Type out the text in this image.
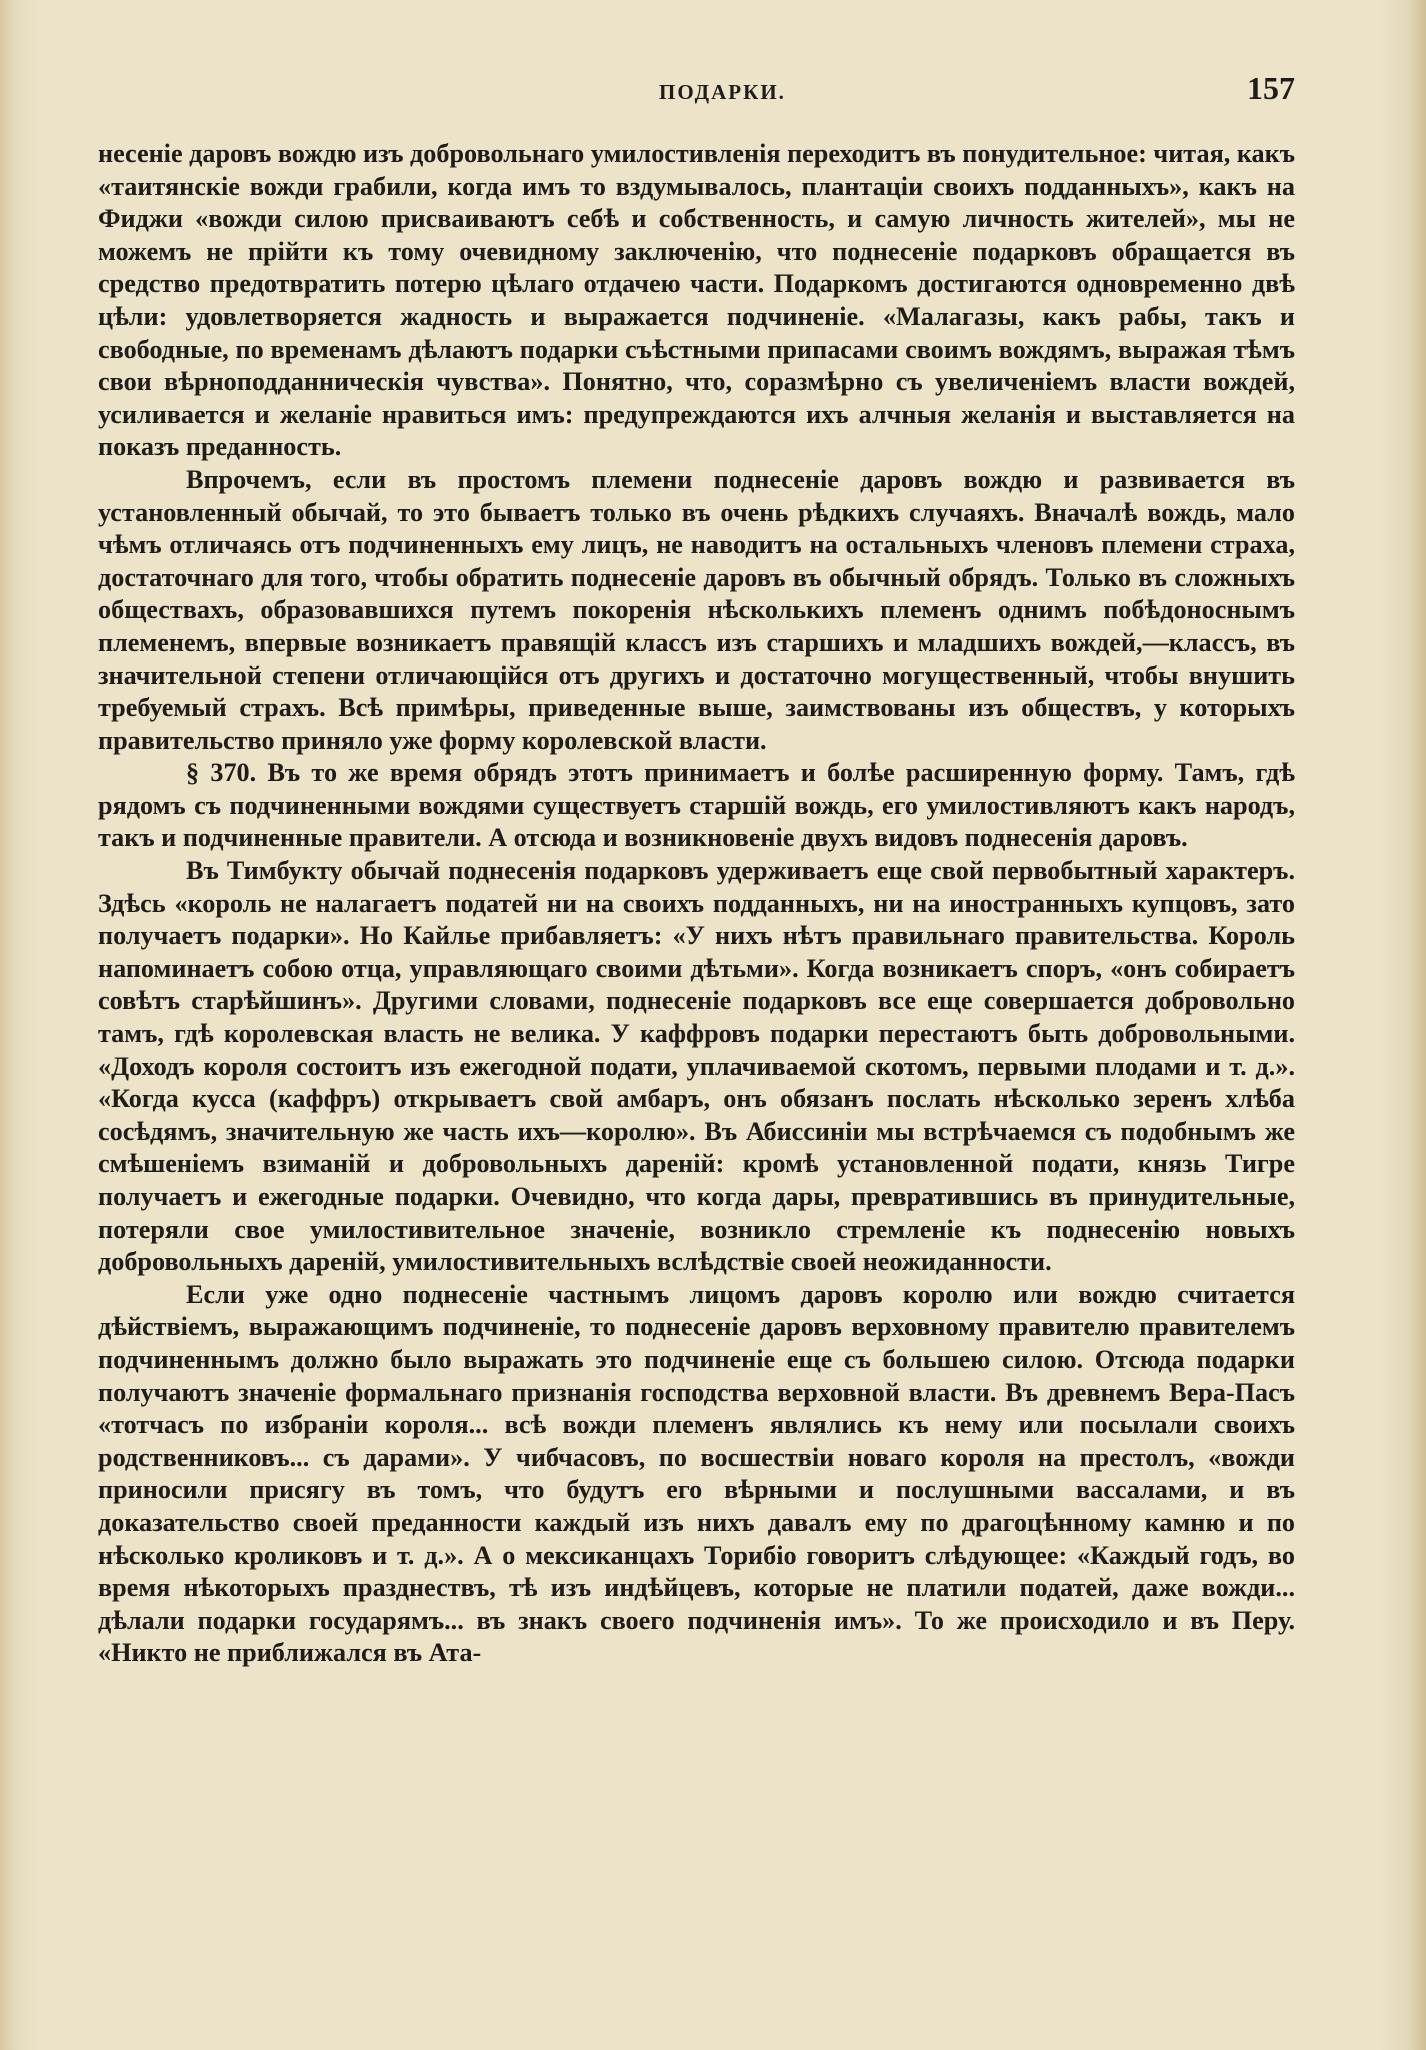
ПОДАРКИ.	157

несеніе даровъ вождю изъ добровольнаго умилостивленія переходитъ въ понудительное: читая, какъ «таитянскіе вожди грабили, когда имъ то вздумывалось, плантаціи своихъ подданныхъ», какъ на Фиджи «вожди силою присваиваютъ себѣ и собственность, и самую личность жителей», мы не можемъ не прійти къ тому очевидному заключенію, что поднесеніе подарковъ обращается въ средство предотвратить потерю цѣлаго отдачею части. Подаркомъ достигаются одновременно двѣ цѣли: удовлетворяется жадность и выражается подчиненіе. «Малагазы, какъ рабы, такъ и свободные, по временамъ дѣлаютъ подарки съѣстными припасами своимъ вождямъ, выражая тѣмъ свои вѣрноподданническія чувства». Понятно, что, соразмѣрно съ увеличеніемъ власти вождей, усиливается и желаніе нравиться имъ: предупреждаются ихъ алчныя желанія и выставляется на показъ преданность.

Впрочемъ, если въ простомъ племени поднесеніе даровъ вождю и развивается въ установленный обычай, то это бываетъ только въ очень рѣдкихъ случаяхъ. Вначалѣ вождь, мало чѣмъ отличаясь отъ подчиненныхъ ему лицъ, не наводитъ на остальныхъ членовъ племени страха, достаточнаго для того, чтобы обратить поднесеніе даровъ въ обычный обрядъ. Только въ сложныхъ обществахъ, образовавшихся путемъ покоренія нѣсколькихъ племенъ однимъ побѣдоноснымъ племенемъ, впервые возникаетъ правящій классъ изъ старшихъ и младшихъ вождей,—классъ, въ значительной степени отличающійся отъ другихъ и достаточно могущественный, чтобы внушить требуемый страхъ. Всѣ примѣры, приведенные выше, заимствованы изъ обществъ, у которыхъ правительство приняло уже форму королевской власти.

§ 370. Въ то же время обрядъ этотъ принимаетъ и болѣе расширенную форму. Тамъ, гдѣ рядомъ съ подчиненными вождями существуетъ старшій вождь, его умилостивляютъ какъ народъ, такъ и подчиненные правители. А отсюда и возникновеніе двухъ видовъ поднесенія даровъ.

Въ Тимбукту обычай поднесенія подарковъ удерживаетъ еще свой первобытный характеръ. Здѣсь «король не налагаетъ податей ни на своихъ подданныхъ, ни на иностранныхъ купцовъ, зато получаетъ подарки». Но Кайлье прибавляетъ: «У нихъ нѣтъ правильнаго правительства. Король напоминаетъ собою отца, управляющаго своими дѣтьми». Когда возникаетъ споръ, «онъ собираетъ совѣтъ старѣйшинъ». Другими словами, поднесеніе подарковъ все еще совершается добровольно тамъ, гдѣ королевская власть не велика. У каффровъ подарки перестаютъ быть добровольными. «Доходъ короля состоитъ изъ ежегодной подати, уплачиваемой скотомъ, первыми плодами и т. д.». «Когда кусса (каффръ) открываетъ свой амбаръ, онъ обязанъ послать нѣсколько зеренъ хлѣба сосѣдямъ, значительную же часть ихъ—королю». Въ Абиссиніи мы встрѣчаемся съ подобнымъ же смѣшеніемъ взиманій и добровольныхъ дареній: кромѣ установленной подати, князь Тигре получаетъ и ежегодные подарки. Очевидно, что когда дары, превратившись въ принудительные, потеряли свое умилостивительное значеніе, возникло стремленіе къ поднесенію новыхъ добровольныхъ дареній, умилостивительныхъ вслѣдствіе своей неожиданности.

Если уже одно поднесеніе частнымъ лицомъ даровъ королю или вождю считается дѣйствіемъ, выражающимъ подчиненіе, то поднесеніе даровъ верховному правителю правителемъ подчиненнымъ должно было выражать это подчиненіе еще съ большею силою. Отсюда подарки получаютъ значеніе формальнаго признанія господства верховной власти. Въ древнемъ Вера-Пасъ «тотчасъ по избраніи короля... всѣ вожди племенъ являлись къ нему или посылали своихъ родственниковъ... съ дарами». У чибчасовъ, по восшествіи новаго короля на престолъ, «вожди приносили присягу въ томъ, что будутъ его вѣрными и послушными вассалами, и въ доказательство своей преданности каждый изъ нихъ давалъ ему по драгоцѣнному камню и по нѣсколько кроликовъ и т. д.». А о мексиканцахъ Торибіо говоритъ слѣдующее: «Каждый годъ, во время нѣкоторыхъ празднествъ, тѣ изъ индѣйцевъ, которые не платили податей, даже вожди... дѣлали подарки государямъ... въ знакъ своего подчиненія имъ». То же происходило и въ Перу. «Никто не приближался въ Ата-
